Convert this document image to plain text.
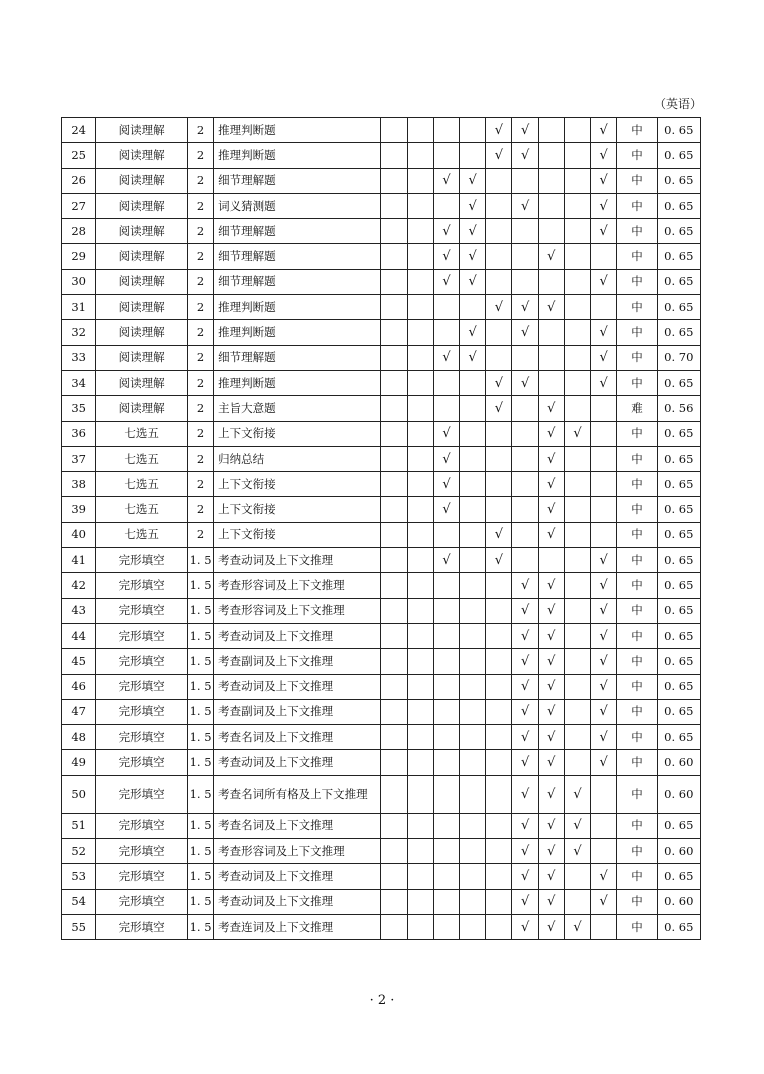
（英语）
24	阅读理解	2	推理判断题					√	√			√	中	0. 65
25	阅读理解	2	推理判断题					√	√			√	中	0. 65
26	阅读理解	2	细节理解题			√	√					√	中	0. 65
27	阅读理解	2	词义猜测题				√		√			√	中	0. 65
28	阅读理解	2	细节理解题			√	√					√	中	0. 65
29	阅读理解	2	细节理解题			√	√			√			中	0. 65
30	阅读理解	2	细节理解题			√	√					√	中	0. 65
31	阅读理解	2	推理判断题					√	√	√			中	0. 65
32	阅读理解	2	推理判断题				√		√			√	中	0. 65
33	阅读理解	2	细节理解题			√	√					√	中	0. 70
34	阅读理解	2	推理判断题					√	√			√	中	0. 65
35	阅读理解	2	主旨大意题					√		√			难	0. 56
36	七选五	2	上下文衔接			√				√	√		中	0. 65
37	七选五	2	归纳总结			√				√			中	0. 65
38	七选五	2	上下文衔接			√				√			中	0. 65
39	七选五	2	上下文衔接			√				√			中	0. 65
40	七选五	2	上下文衔接					√		√			中	0. 65
41	完形填空	1. 5	考查动词及上下文推理			√		√				√	中	0. 65
42	完形填空	1. 5	考查形容词及上下文推理						√	√		√	中	0. 65
43	完形填空	1. 5	考查形容词及上下文推理						√	√		√	中	0. 65
44	完形填空	1. 5	考查动词及上下文推理						√	√		√	中	0. 65
45	完形填空	1. 5	考查副词及上下文推理						√	√		√	中	0. 65
46	完形填空	1. 5	考查动词及上下文推理						√	√		√	中	0. 65
47	完形填空	1. 5	考查副词及上下文推理						√	√		√	中	0. 65
48	完形填空	1. 5	考查名词及上下文推理						√	√		√	中	0. 65
49	完形填空	1. 5	考查动词及上下文推理						√	√		√	中	0. 60
50	完形填空	1. 5	考查名词所有格及上下文推理						√	√	√		中	0. 60
51	完形填空	1. 5	考查名词及上下文推理						√	√	√		中	0. 65
52	完形填空	1. 5	考查形容词及上下文推理						√	√	√		中	0. 60
53	完形填空	1. 5	考查动词及上下文推理						√	√		√	中	0. 65
54	完形填空	1. 5	考查动词及上下文推理						√	√		√	中	0. 60
55	完形填空	1. 5	考查连词及上下文推理						√	√	√		中	0. 65
· 2 ·
